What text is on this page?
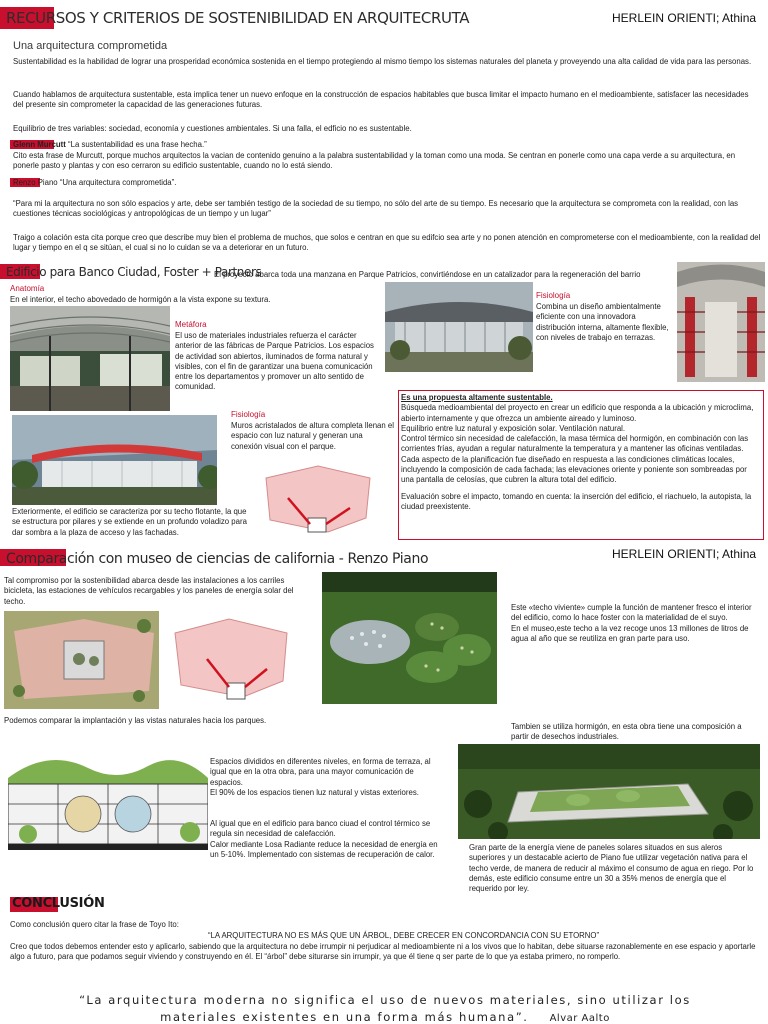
RECURSOS Y CRITERIOS DE SOSTENIBILIDAD EN ARQUITECRUTA	HERLEIN ORIENTI; Athina
Una arquitectura comprometida
Sustentabilidad es la habilidad de lograr una prosperidad económica sostenida en el tiempo protegiendo al mismo tiempo los sistemas naturales del planeta y proveyendo una alta calidad de vida para las personas.
Cuando hablamos de arquitectura sustentable, esta implica tener un nuevo enfoque en la construcción de espacios habitables que busca limitar el impacto humano en el medioambiente, satisfacer las necesidades del presente sin comprometer la capacidad de las generaciones futuras.
Equilibrio de tres variables: sociedad, economía y cuestiones ambientales. Si una falla, el edficio no es sustentable.
Glenn Murcutt “La sustentabilidad es una frase hecha.”
Cito esta frase de Murcutt, porque muchos arquitectos la vacian de contenido genuino a la palabra sustentabilidad y la toman como una moda. Se centran en ponerle como una capa verde a su arquitectura, en ponerle pasto y plantas y con eso cerraron su edificio sustentable, cuando no lo está siendo.
Renzo Piano “Una arquitectura comprometida”.
“Para mi la arquitectura no son sólo espacios y arte, debe ser también testigo de la sociedad de su tiempo, no sólo del arte de su tiempo. Es necesario que la arquitectura se comprometa con la realidad, con las cuestiones técnicas sociológicas y antropológicas de un tiempo y un lugar”
Traigo a colación esta cita porque creo que describe muy bien el problema de muchos, que solos e centran en que su edifcio sea arte y no ponen atención en comprometerse con el medioambiente, con la realidad del lugar y tiempo en el q se sitúan, el cual si no lo cuidan se va a deteriorar en un futuro.
Edificio para Banco Ciudad, Foster + Partners
El proyecto abarca toda una manzana en Parque Patricios, convirtiéndose en un catalizador para la regeneración del barrio
Anatomía
En el interior, el techo abovedado de hormigón a la vista expone su textura.
Metáfora
El uso de materiales industriales refuerza el carácter anterior de las fábricas de Parque Patricios. Los espacios de actividad son abiertos, iluminados de forma natural y visibles, con el fin de garantizar una buena comunicación entre los departamentos y promover un alto sentido de comunidad.
Fisiología
Combina un diseño ambientalmente eficiente con una innovadora distribución interna, altamente flexible, con niveles de trabajo en terrazas.
Fisiología
Muros acristalados de altura completa llenan el espacio con luz natural y generan una conexión visual con el parque.
Exteriormente, el edificio se caracteriza por su techo flotante, la que se estructura por pilares y se extiende en un profundo voladizo para dar sombra a la plaza de acceso y las fachadas.
Es una propuesta altamente sustentable.
Búsqueda medioambiental del proyecto en crear un edificio que responda a la ubicación y microclima, abierto internamente y que ofrezca un ambiente aireado y luminoso.
Equilibrio entre luz natural y exposición solar. Ventilación natural.
Control térmico sin necesidad de calefacción, la masa térmica del hormigón, en combinación con las corrientes frías, ayudan a regular naturalmente la temperatura y a mantener las oficinas ventiladas.
Cada aspecto de la planificación fue diseñado en respuesta a las condiciones climáticas locales, incluyendo la composición de cada fachada; las elevaciones oriente y poniente son sombreadas por una pantalla de celosías, que cubren la altura total del edificio.
Evaluación sobre el impacto, tomando en cuenta: la inserción del edificio, el riachuelo, la autopista, la ciudad preexistente.
Comparación con museo de ciencias de california - Renzo Piano	HERLEIN ORIENTI; Athina
Tal compromiso por la sostenibilidad abarca desde las instalaciones a los carriles bicicleta, las estaciones de vehículos recargables y los paneles de energía solar del techo.
Este «techo viviente» cumple la función de mantener fresco el interior del edificio, como lo hace foster con la materialidad de el suyo.
En el museo,este techo a la vez recoge unos 13 millones de litros de agua al año que se reutiliza en gran parte para uso.
Podemos comparar la implantación y las vistas naturales hacia los parques.
Tambien se utiliza hormigón, en esta obra tiene una composición a partir de desechos industriales.
Espacios divididos en diferentes niveles, en forma de terraza, al igual que en la otra obra, para una mayor comunicación de espacios.
El 90% de los espacios tienen luz natural y vistas exteriores.
Al igual que en el edificio para banco ciuad el control térmico se regula sin necesidad de calefacción.
Calor mediante Losa Radiante reduce la necesidad de energía en un 5-10%. Implementado con sistemas de recuperación de calor.
Gran parte de la energía viene de paneles solares situados en sus aleros superiores y un destacable acierto de Piano fue utilizar vegetación nativa para el techo verde, de manera de reducir al máximo el consumo de agua en riego. Por lo demás, este edificio consume entre un 30 a 35% menos de energía que el requerido por ley.
CONCLUSIÓN
Como conclusión quero citar la frase de Toyo Ito:
“LA ARQUITECTURA NO ES MÁS QUE UN ÁRBOL, DEBE CRECER EN CONCORDANCIA CON SU ETORNO”
Creo que todos debemos entender esto y aplicarlo, sabiendo que la arquitectura no debe irrumpir ni perjudicar al medioambiente ni a los vivos que lo habitan, debe situarse razonablemente en ese espacio y aportarle algo a futuro, para que podamos seguir viviendo y construyendo en él. El “árbol” debe siturarse sin irrumpir, ya que él tiene q ser parte de lo que ya estaba primero, no romperlo.
“La arquitectura moderna no significa el uso de nuevos materiales, sino utilizar los
materiales existentes en una forma más humana”. Alvar Aalto
